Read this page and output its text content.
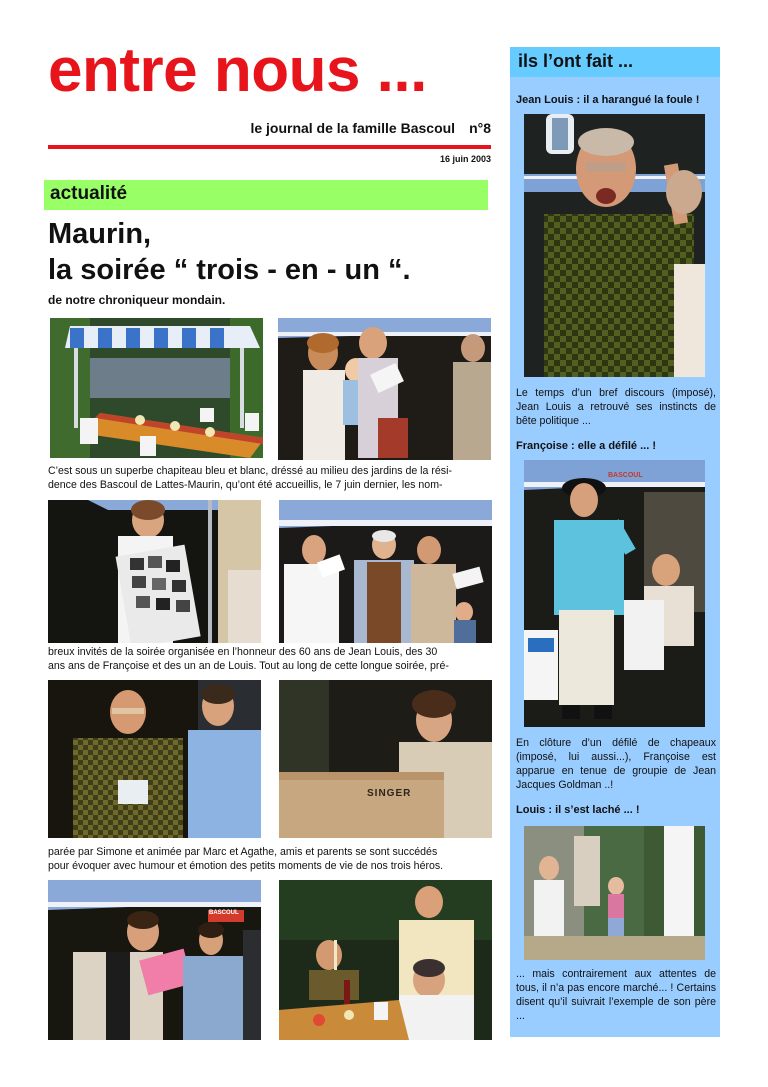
entre nous ...
le journal de la famille Bascoul n°8
16 juin 2003
actualité
Maurin,
la soirée “ trois - en - un “.
de notre chroniqueur mondain.
C’est sous un superbe chapiteau bleu et blanc, dréssé au milieu des jardins de la rési-
dence des Bascoul de Lattes-Maurin, qu’ont été accueillis, le 7 juin dernier, les nom-
breux invités de la soirée organisée en l’honneur des 60 ans de Jean Louis, des 30
ans ans de Françoise et des un an de Louis. Tout au long de cette longue soirée, pré-
SINGER
parée par Simone et animée par Marc et Agathe, amis et parents se sont succédés
pour évoquer avec humour et émotion des petits moments de vie de nos trois héros.
BASCOUL
ils l’ont fait ...
Jean Louis : il a harangué la foule !
Le temps d’un bref discours (imposé), Jean Louis a retrouvé ses instincts de bête politique ...
Françoise : elle a défilé ... !
BASCOUL
En clôture d’un défilé de chapeaux (imposé, lui aussi...), Françoise est apparue en tenue de groupie de Jean Jacques Goldman ..!
Louis : il s’est laché ... !
... mais contrairement aux attentes de tous, il n’a pas encore marché... ! Certains disent qu’il suivrait l’exemple de son père ...
